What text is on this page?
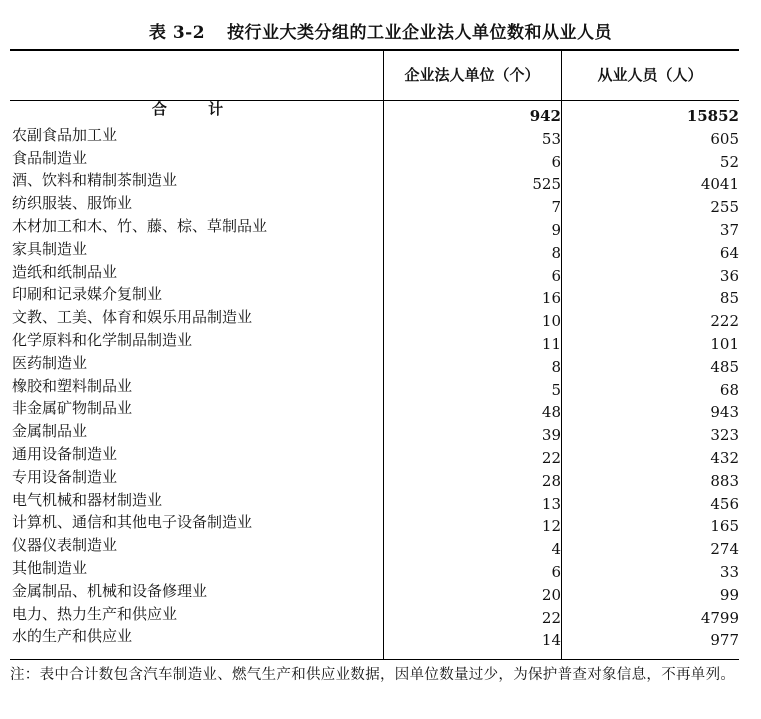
表 3-2 按行业大类分组的工业企业法人单位数和从业人员
企业法人单位（个）	从业人员（人）
合 计	942	15852
农副食品加工业	53	605
食品制造业	6	52
酒、饮料和精制茶制造业	525	4041
纺织服装、服饰业	7	255
木材加工和木、竹、藤、棕、草制品业	9	37
家具制造业	8	64
造纸和纸制品业	6	36
印刷和记录媒介复制业	16	85
文教、工美、体育和娱乐用品制造业	10	222
化学原料和化学制品制造业	11	101
医药制造业	8	485
橡胶和塑料制品业	5	68
非金属矿物制品业	48	943
金属制品业	39	323
通用设备制造业	22	432
专用设备制造业	28	883
电气机械和器材制造业	13	456
计算机、通信和其他电子设备制造业	12	165
仪器仪表制造业	4	274
其他制造业	6	33
金属制品、机械和设备修理业	20	99
电力、热力生产和供应业	22	4799
水的生产和供应业	14	977
注：表中合计数包含汽车制造业、燃气生产和供应业数据，因单位数量过少，为保护普查对象信息，不再单列。
